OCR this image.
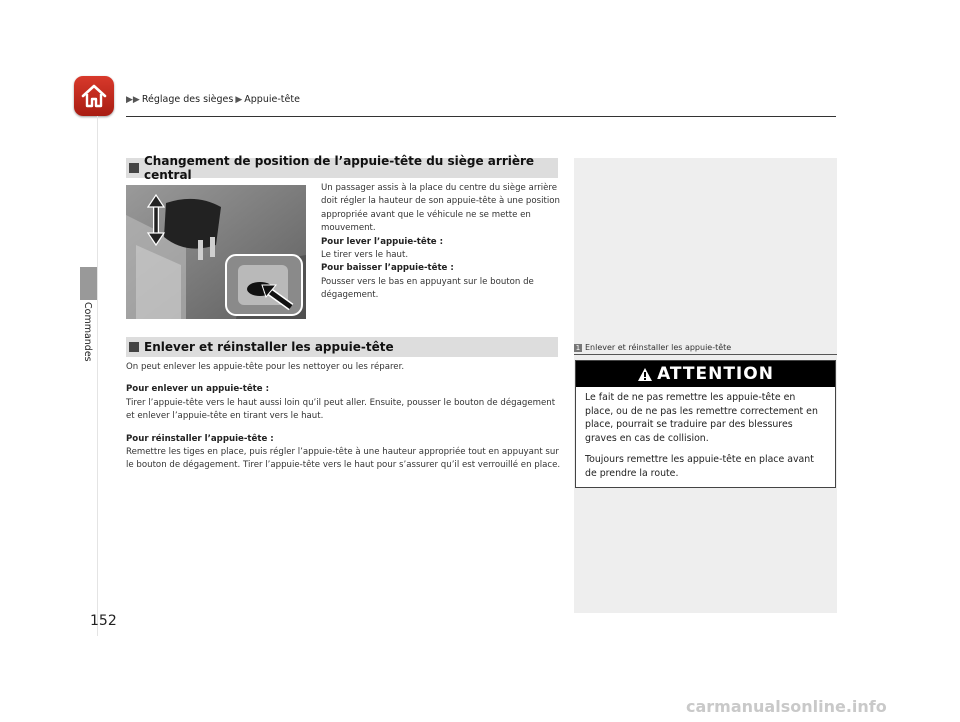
▶▶ Réglage des sièges ▶ Appuie-tête
Commandes
152
Changement de position de l’appuie-tête du siège arrière central

Un passager assis à la place du centre du siège arrière doit régler la hauteur de son appuie-tête à une position appropriée avant que le véhicule ne se mette en mouvement.

Pour lever l’appuie-tête :

Le tirer vers le haut.

Pour baisser l’appuie-tête :

Pousser vers le bas en appuyant sur le bouton de dégagement.

Enlever et réinstaller les appuie-tête

On peut enlever les appuie-tête pour les nettoyer ou les réparer.

Pour enlever un appuie-tête :

Tirer l’appuie-tête vers le haut aussi loin qu’il peut aller. Ensuite, pousser le bouton de dégagement et enlever l’appuie-tête en tirant vers le haut.

Pour réinstaller l’appuie-tête :

Remettre les tiges en place, puis régler l’appuie-tête à une hauteur appropriée tout en appuyant sur le bouton de dégagement. Tirer l’appuie-tête vers le haut pour s’assurer qu’il est verrouillé en place.

1 Enlever et réinstaller les appuie-tête
ATTENTION

Le fait de ne pas remettre les appuie-tête en place, ou de ne pas les remettre correctement en place, pourrait se traduire par des blessures graves en cas de collision.

Toujours remettre les appuie-tête en place avant de prendre la route.

carmanualsonline.info
